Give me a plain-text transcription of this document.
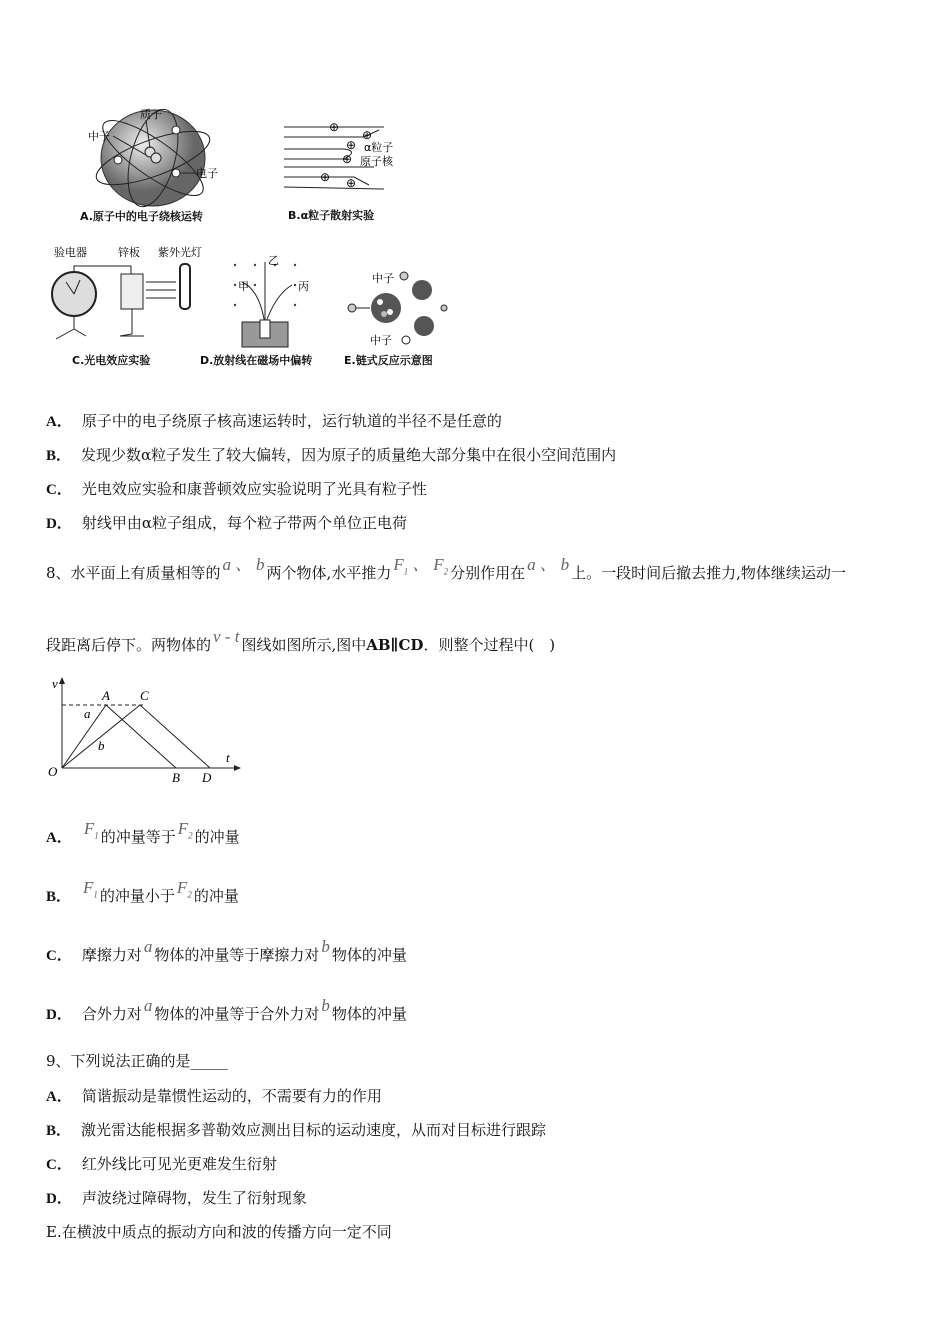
质子
中子
电子
A.原子中的电子绕核运转
⊕
⊕
⊕
⊕
⊕ ⊕
α粒子
原子核
B.α粒子散射实验
验电器	锌板 紫外光灯
C.光电效应实验
乙
甲	丙
D.放射线在磁场中偏转
中子
中子
E.链式反应示意图
A． 原子中的电子绕原子核高速运转时，运行轨道的半径不是任意的
B． 发现少数α粒子发生了较大偏转，因为原子的质量绝大部分集中在很小空间范围内
C． 光电效应实验和康普顿效应实验说明了光具有粒子性
D． 射线甲由α粒子组成，每个粒子带两个单位正电荷
8、水平面上有质量相等的 a 、 b 两个物体,水平推力 $F_1$ 、 $F_2$ 分别作用在 a 、 b 上。一段时间后撤去推力,物体继续运动一
段距离后停下。两物体的 v - t 图线如图所示,图中AB∥CD．则整个过程中(　)
v
t
O
A C
B D
a
b
A． $F_1$ 的冲量等于 $F_2$ 的冲量
B． $F_1$ 的冲量小于 $F_2$ 的冲量
C． 摩擦力对 a 物体的冲量等于摩擦力对 b 物体的冲量
D． 合外力对 a 物体的冲量等于合外力对 b 物体的冲量
9、下列说法正确的是_____
A． 简谐振动是靠惯性运动的，不需要有力的作用
B． 激光雷达能根据多普勒效应测出目标的运动速度，从而对目标进行跟踪
C． 红外线比可见光更难发生衍射
D． 声波绕过障碍物，发生了衍射现象
E.在横波中质点的振动方向和波的传播方向一定不同
